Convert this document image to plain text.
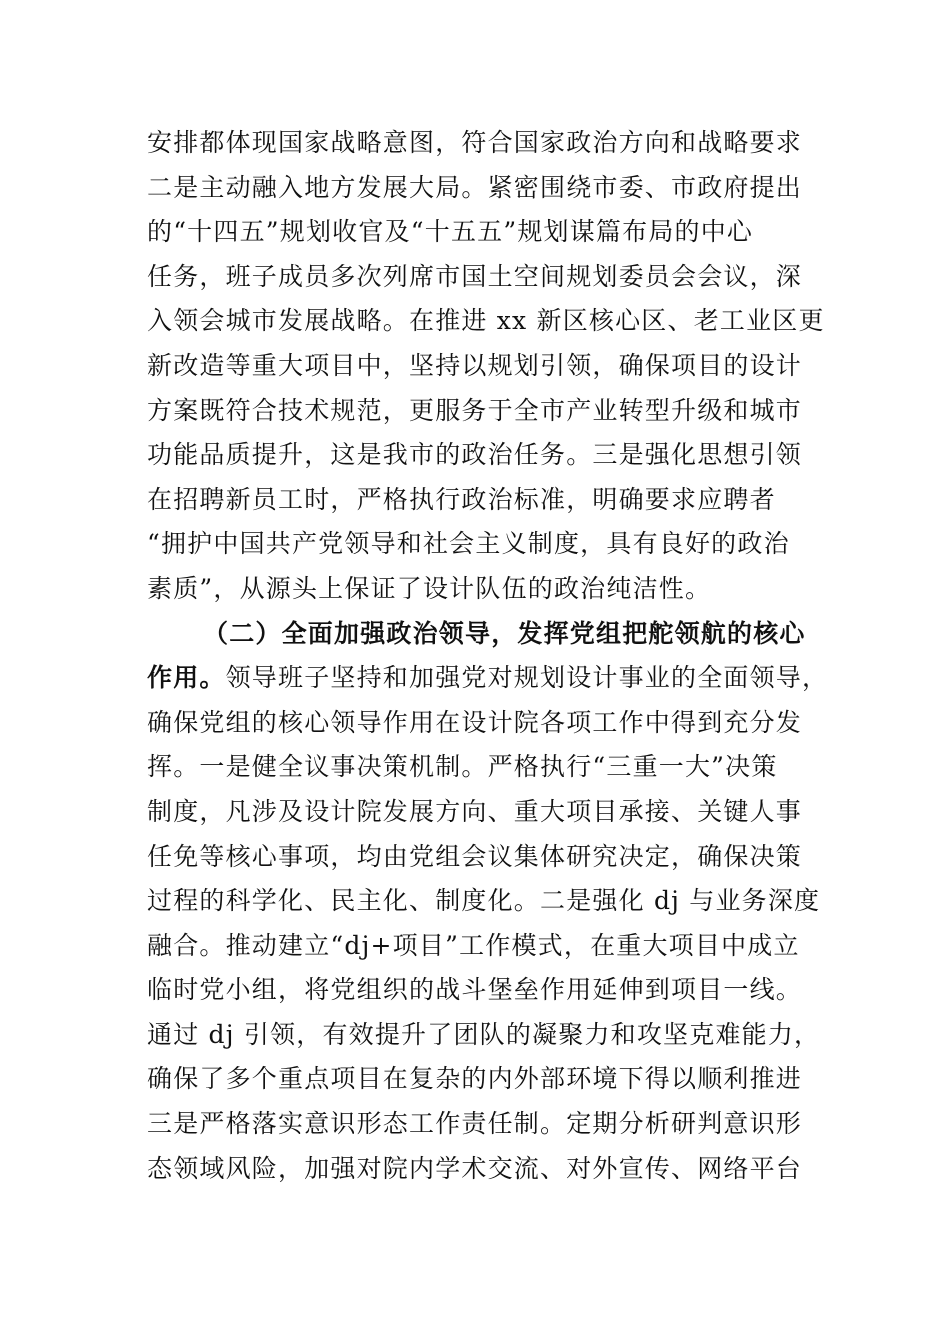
安排都体现国家战略意图，符合国家政治方向和战略要求
二是主动融入地方发展大局。紧密围绕市委、市政府提出
的“十四五”规划收官及“十五五”规划谋篇布局的中心
任务，班子成员多次列席市国土空间规划委员会会议，深
入领会城市发展战略。在推进 xx 新区核心区、老工业区更
新改造等重大项目中，坚持以规划引领，确保项目的设计
方案既符合技术规范，更服务于全市产业转型升级和城市
功能品质提升，这是我市的政治任务。三是强化思想引领
在招聘新员工时，严格执行政治标准，明确要求应聘者
“拥护中国共产党领导和社会主义制度，具有良好的政治
素质”，从源头上保证了设计队伍的政治纯洁性。
（二）全面加强政治领导，发挥党组把舵领航的核心
作用。领导班子坚持和加强党对规划设计事业的全面领导，
确保党组的核心领导作用在设计院各项工作中得到充分发
挥。一是健全议事决策机制。严格执行“三重一大”决策
制度，凡涉及设计院发展方向、重大项目承接、关键人事
任免等核心事项，均由党组会议集体研究决定，确保决策
过程的科学化、民主化、制度化。二是强化 dj 与业务深度
融合。推动建立“dj+项目”工作模式，在重大项目中成立
临时党小组，将党组织的战斗堡垒作用延伸到项目一线。
通过 dj 引领，有效提升了团队的凝聚力和攻坚克难能力，
确保了多个重点项目在复杂的内外部环境下得以顺利推进
三是严格落实意识形态工作责任制。定期分析研判意识形
态领域风险，加强对院内学术交流、对外宣传、网络平台
